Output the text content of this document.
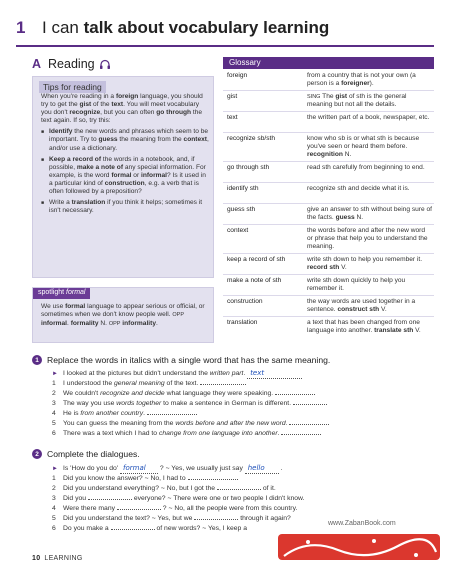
1 I can talk about vocabulary learning
A Reading
Tips for reading
When you're reading in a foreign language, you should try to get the gist of the text. You will meet vocabulary you don't recognize, but you can often go through the text again. If so, try this:
■ Identify the new words and phrases which seem to be important. Try to guess the meaning from the context, and/or use a dictionary.
■ Keep a record of the words in a notebook, and, if possible, make a note of any special information. For example, is the word formal or informal? Is it used in a particular kind of construction, e.g. a verb that is often followed by a preposition?
■ Write a translation if you think it helps; sometimes it isn't necessary.
spotlight formal
We use formal language to appear serious or official, or sometimes when we don't know people well. OPP informal. formality N. OPP informality.
Glossary
foreign	from a country that is not your own (a person is a foreigner).
gist	SING The gist of sth is the general meaning but not all the details.
text	the written part of a book, newspaper, etc.
recognize sb/sth	know who sb is or what sth is because you've seen or heard them before. recognition N.
go through sth	read sth carefully from beginning to end.
identify sth	recognize sth and decide what it is.
guess sth	give an answer to sth without being sure of the facts. guess N.
context	the words before and after the new word or phrase that help you to understand the meaning.
keep a record of sth	write sth down to help you remember it. record sth V.
make a note of sth	write sth down quickly to help you remember it.
construction	the way words are used together in a sentence. construct sth V.
translation	a text that has been changed from one language into another. translate sth V.
1 Replace the words in italics with a single word that has the same meaning.
► I looked at the pictures but didn't understand the written part. text
1 I understood the general meaning of the text.
2 We couldn't recognize and decide what language they were speaking.
3 The way you use words together to make a sentence in German is different.
4 He is from another country.
5 You can guess the meaning from the words before and after the new word.
6 There was a text which I had to change from one language into another.
2 Complete the dialogues.
► Is 'How do you do' formal ? ~ Yes, we usually just say hello .
1 Did you know the answer? ~ No, I had to
2 Did you understand everything? ~ No, but I got the	of it.
3 Did you	everyone? ~ There were one or two people I didn't know.
4 Were there many	? ~ No, all the people were from this country.
5 Did you understand the text? ~ Yes, but we	through it again?
6 Do you make a	of new words? ~ Yes, I keep a
10 LEARNING
www.ZabanBook.com
